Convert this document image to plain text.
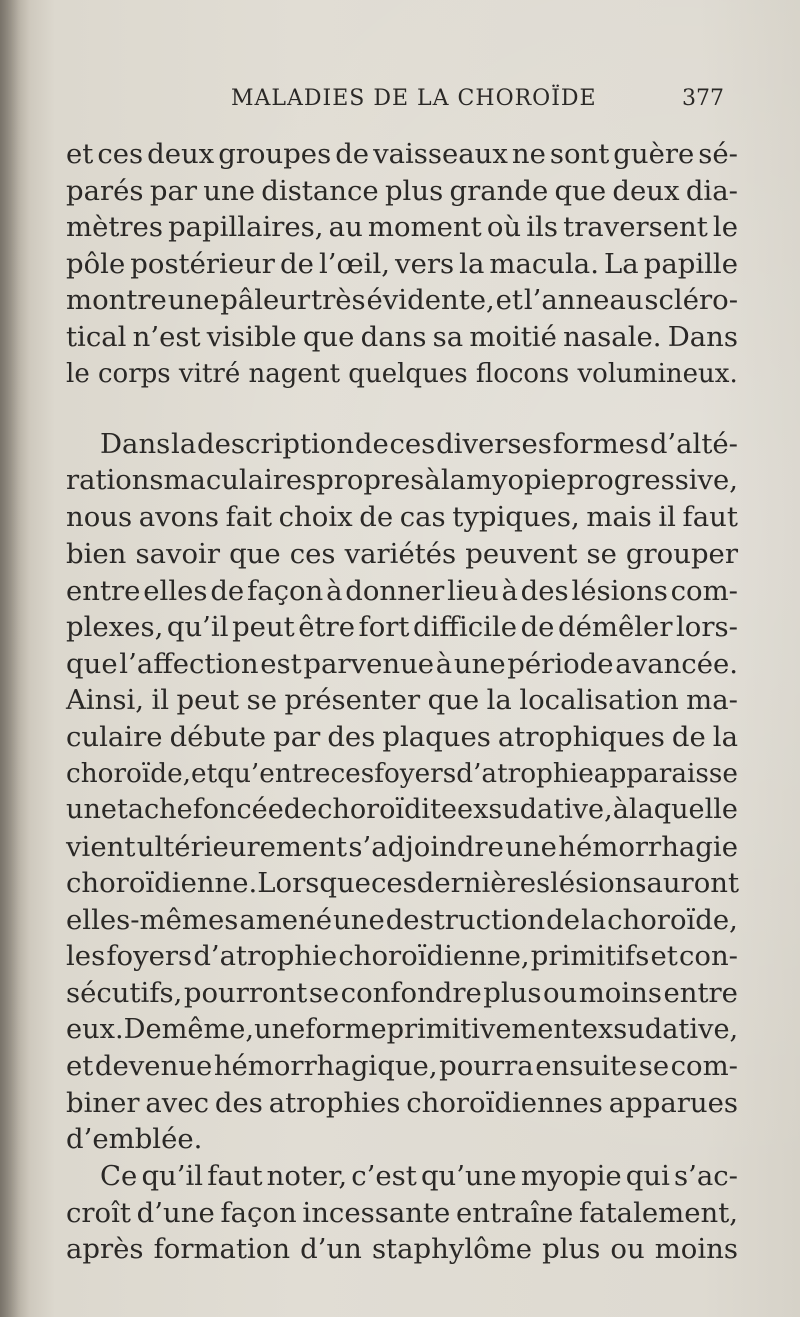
MALADIES DE LA CHOROÏDE	377
et ces deux groupes de vaisseaux ne sont guère sé-
parés par une distance plus grande que deux dia-
mètres papillaires, au moment où ils traversent le
pôle postérieur de l’œil, vers la macula. La papille
montre une pâleur très évidente, et l’anneau scléro-
tical n’est visible que dans sa moitié nasale. Dans
le corps vitré nagent quelques flocons volumineux.
Dans la description de ces diverses formes d’alté-
rations maculaires propres à la myopie progressive,
nous avons fait choix de cas typiques, mais il faut
bien savoir que ces variétés peuvent se grouper
entre elles de façon à donner lieu à des lésions com-
plexes, qu’il peut être fort difficile de démêler lors-
que l’affection est parvenue à une période avancée.
Ainsi, il peut se présenter que la localisation ma-
culaire débute par des plaques atrophiques de la
choroïde, et qu’entre ces foyers d’atrophie apparaisse
une tache foncée de choroïdite exsudative, à laquelle
vient ultérieurement s’adjoindre une hémorrhagie
choroïdienne. Lorsque ces dernières lésions auront
elles-mêmes amené une destruction de la choroïde,
les foyers d’atrophie choroïdienne, primitifs et con-
sécutifs, pourront se confondre plus ou moins entre
eux. De même, une forme primitivement exsudative,
et devenue hémorrhagique, pourra ensuite se com-
biner avec des atrophies choroïdiennes apparues
d’emblée.
Ce qu’il faut noter, c’est qu’une myopie qui s’ac-
croît d’une façon incessante entraîne fatalement,
après formation d’un staphylôme plus ou moins
